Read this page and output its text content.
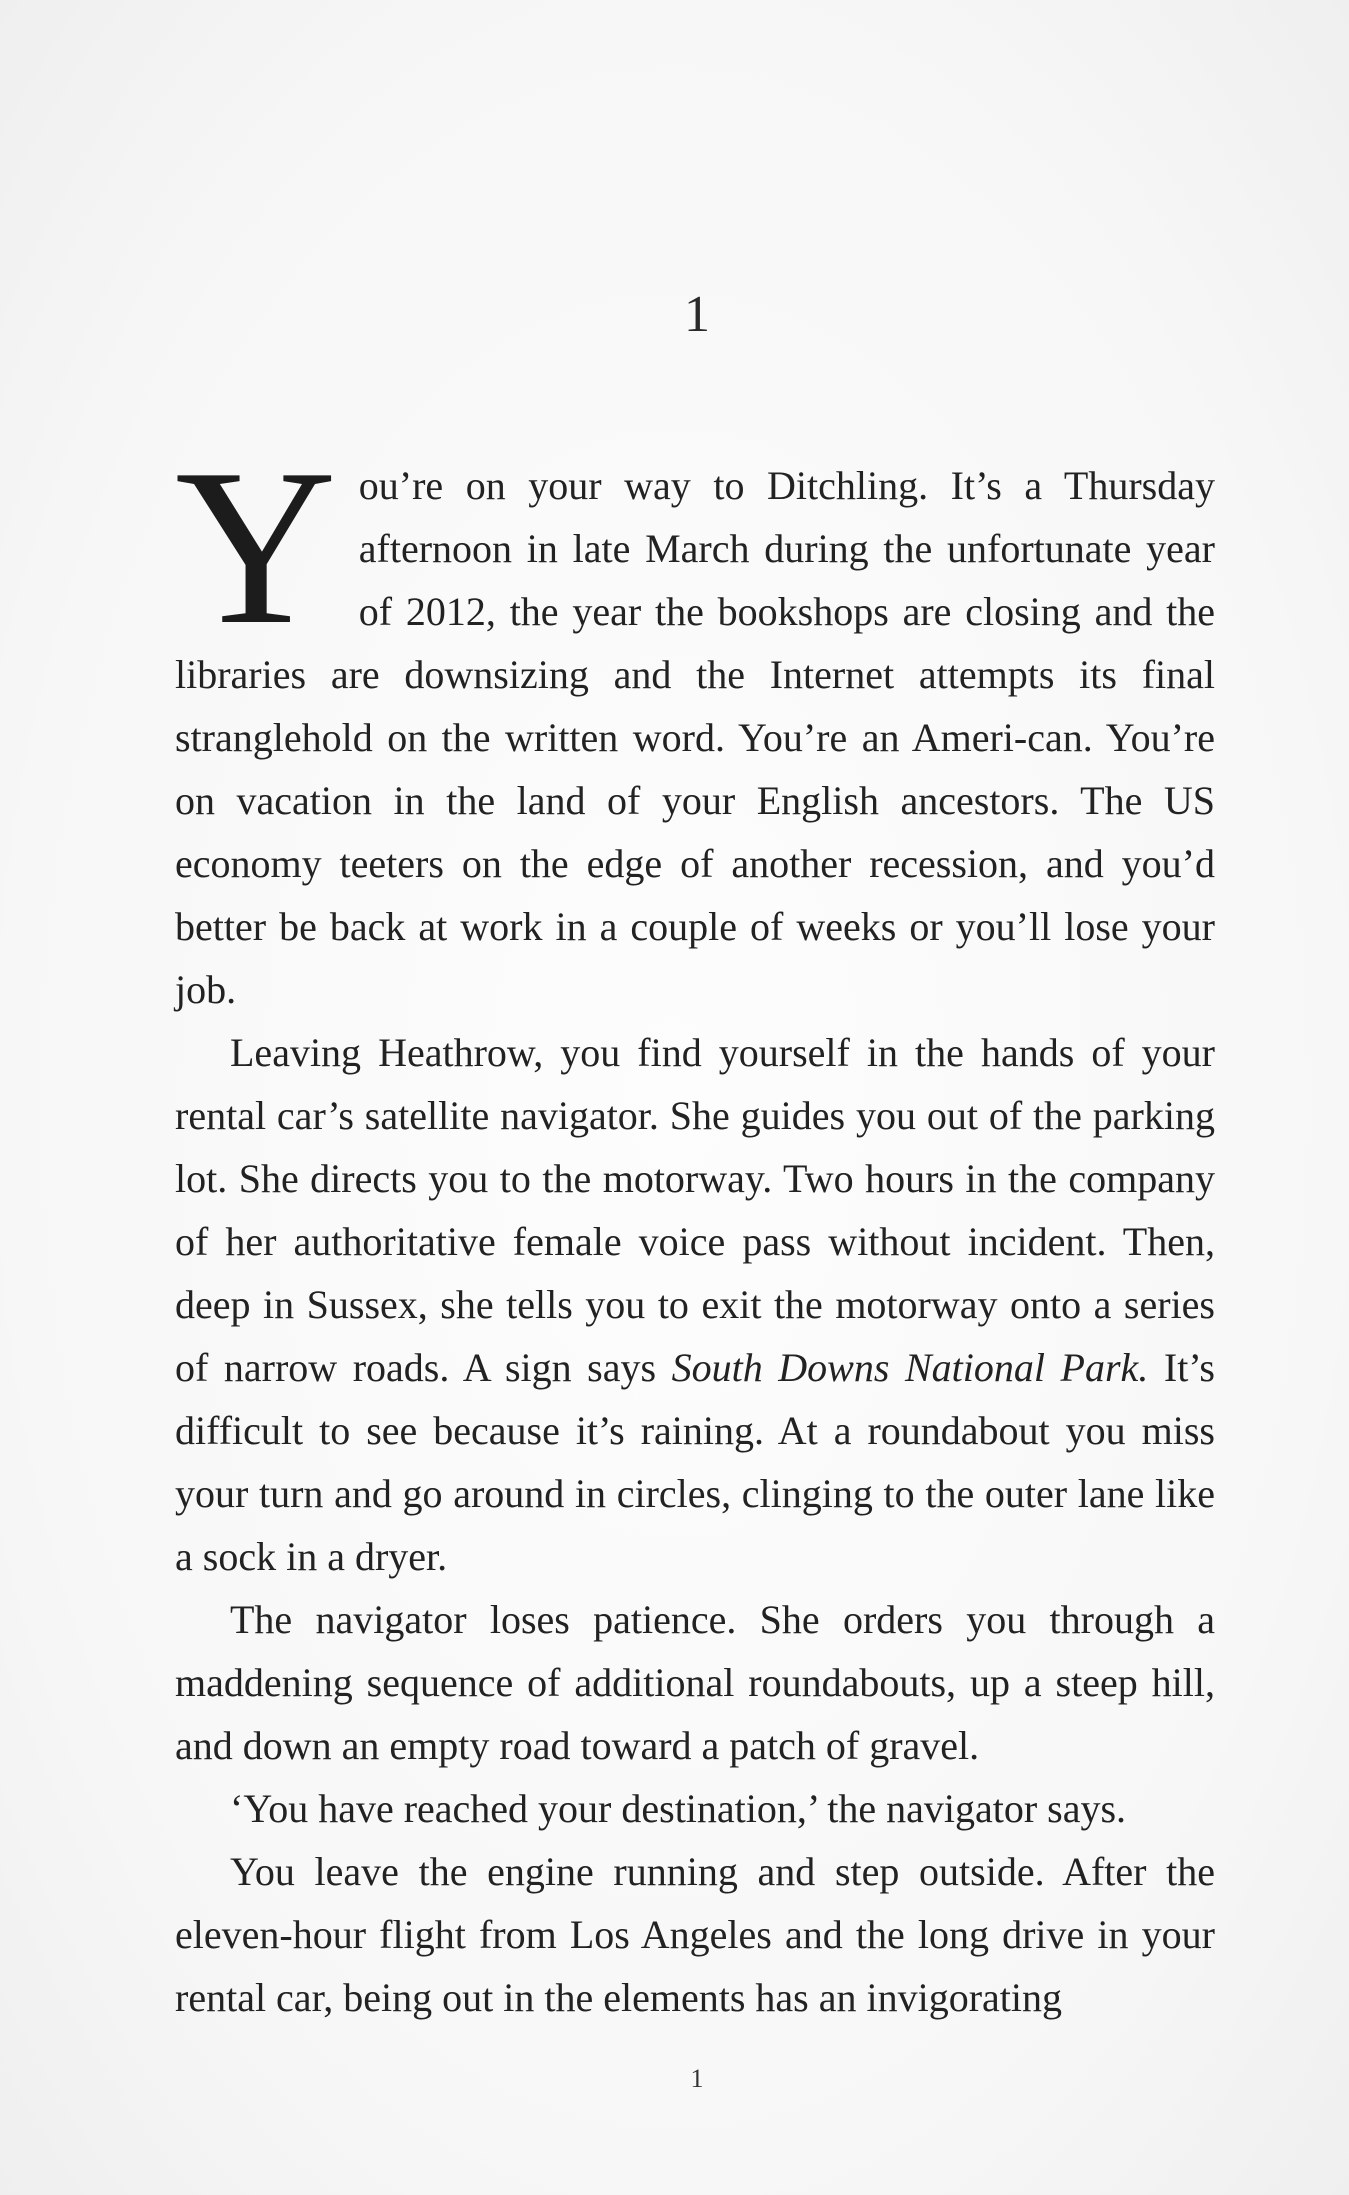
1

You’re on your way to Ditchling. It’s a Thursday afternoon in late March during the unfortunate year of 2012, the year the bookshops are closing and the libraries are downsizing and the Internet attempts its final stranglehold on the written word. You’re an Ameri-can. You’re on vacation in the land of your English ancestors. The US economy teeters on the edge of another recession, and you’d better be back at work in a couple of weeks or you’ll lose your job.

Leaving Heathrow, you find yourself in the hands of your rental car’s satellite navigator. She guides you out of the parking lot. She directs you to the motorway. Two hours in the company of her authoritative female voice pass without incident. Then, deep in Sussex, she tells you to exit the motorway onto a series of narrow roads. A sign says South Downs National Park. It’s difficult to see because it’s raining. At a roundabout you miss your turn and go around in circles, clinging to the outer lane like a sock in a dryer.

The navigator loses patience. She orders you through a maddening sequence of additional roundabouts, up a steep hill, and down an empty road toward a patch of gravel.

‘You have reached your destination,’ the navigator says.

You leave the engine running and step outside. After the eleven-hour flight from Los Angeles and the long drive in your rental car, being out in the elements has an invigorating

1
